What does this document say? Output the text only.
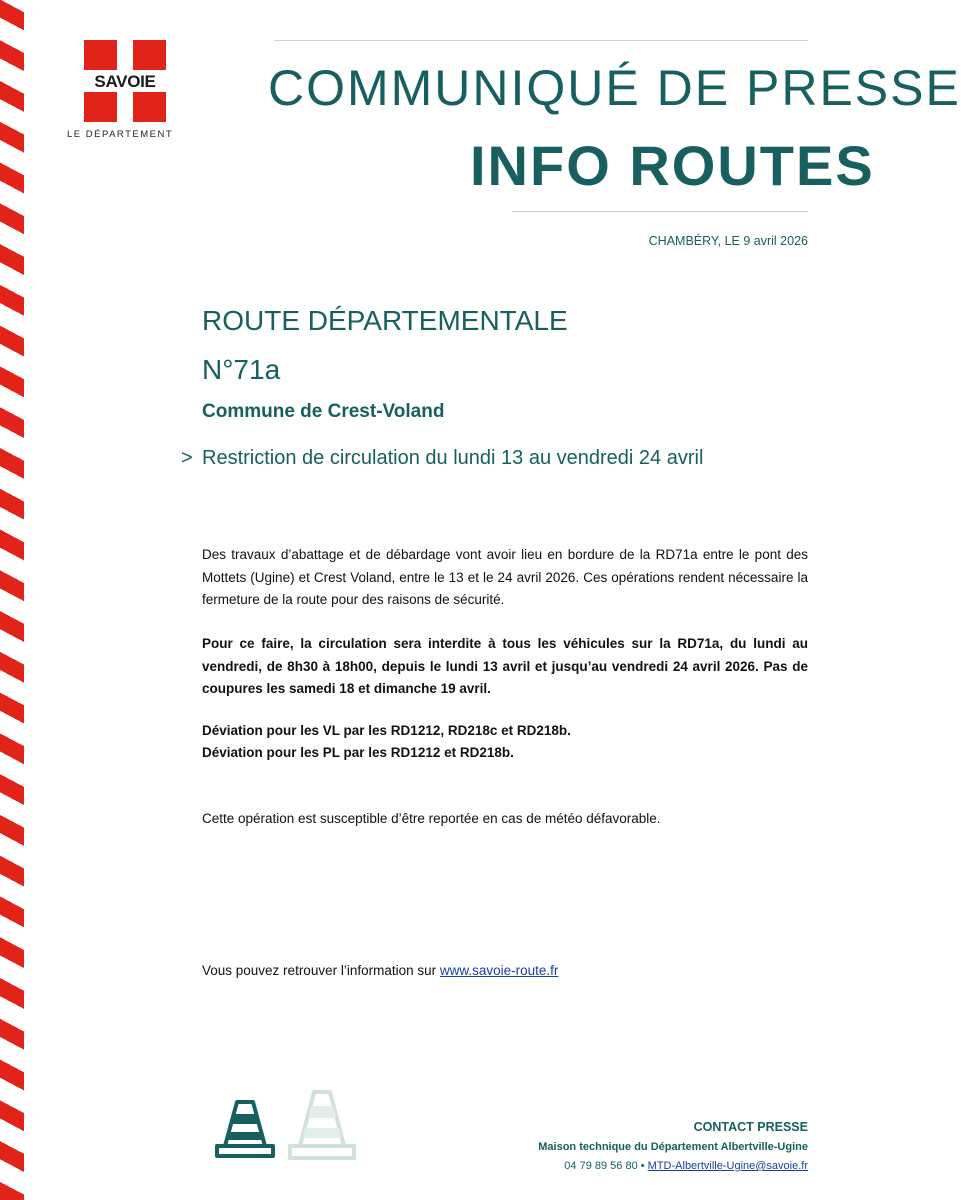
SAVOIE
LE DÉPARTEMENT
COMMUNIQUÉ DE PRESSE
INFO ROUTES
CHAMBÉRY, LE 9 avril 2026
ROUTE DÉPARTEMENTALE
N°71a
Commune de Crest-Voland
> Restriction de circulation du lundi 13 au vendredi 24 avril

Des travaux d’abattage et de débardage vont avoir lieu en bordure de la RD71a entre le pont des Mottets (Ugine) et Crest Voland, entre le 13 et le 24 avril 2026. Ces opérations rendent nécessaire la fermeture de la route pour des raisons de sécurité.

Pour ce faire, la circulation sera interdite à tous les véhicules sur la RD71a, du lundi au vendredi, de 8h30 à 18h00, depuis le lundi 13 avril et jusqu’au vendredi 24 avril 2026. Pas de coupures les samedi 18 et dimanche 19 avril.

Déviation pour les VL par les RD1212, RD218c et RD218b.

Déviation pour les PL par les RD1212 et RD218b.

Cette opération est susceptible d’être reportée en cas de météo défavorable.

Vous pouvez retrouver l’information sur www.savoie-route.fr
CONTACT PRESSE
Maison technique du Département Albertville-Ugine
04 79 89 56 80 • MTD-Albertville-Ugine@savoie.fr
